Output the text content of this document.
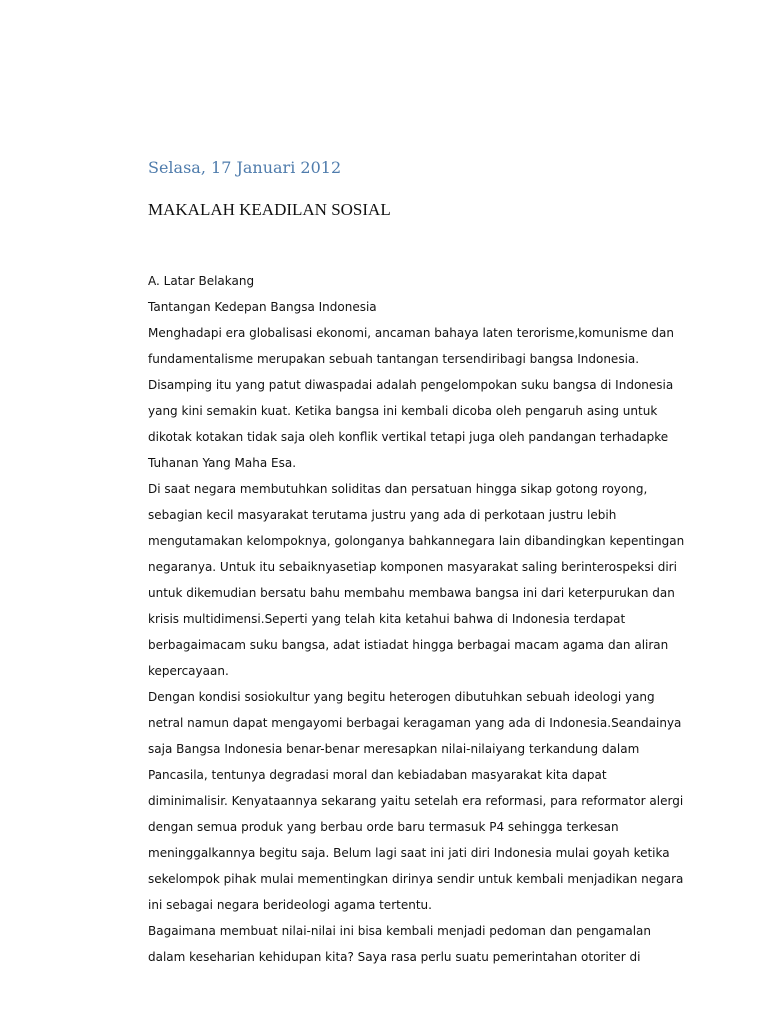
Selasa, 17 Januari 2012
MAKALAH KEADILAN SOSIAL
A. Latar Belakang
Tantangan Kedepan Bangsa Indonesia
Menghadapi era globalisasi ekonomi, ancaman bahaya laten terorisme,komunisme dan
fundamentalisme merupakan sebuah tantangan tersendiribagi bangsa Indonesia.
Disamping itu yang patut diwaspadai adalah pengelompokan suku bangsa di Indonesia
yang kini semakin kuat. Ketika bangsa ini kembali dicoba oleh pengaruh asing untuk
dikotak kotakan tidak saja oleh konflik vertikal tetapi juga oleh pandangan terhadapke
Tuhanan Yang Maha Esa.
Di saat negara membutuhkan soliditas dan persatuan hingga sikap gotong royong,
sebagian kecil masyarakat terutama justru yang ada di perkotaan justru lebih
mengutamakan kelompoknya, golonganya bahkannegara lain dibandingkan kepentingan
negaranya. Untuk itu sebaiknyasetiap komponen masyarakat saling berinterospeksi diri
untuk dikemudian bersatu bahu membahu membawa bangsa ini dari keterpurukan dan
krisis multidimensi.Seperti yang telah kita ketahui bahwa di Indonesia terdapat
berbagaimacam suku bangsa, adat istiadat hingga berbagai macam agama dan aliran
kepercayaan.
Dengan kondisi sosiokultur yang begitu heterogen dibutuhkan sebuah ideologi yang
netral namun dapat mengayomi berbagai keragaman yang ada di Indonesia.Seandainya
saja Bangsa Indonesia benar-benar meresapkan nilai-nilaiyang terkandung dalam
Pancasila, tentunya degradasi moral dan kebiadaban masyarakat kita dapat
diminimalisir. Kenyataannya sekarang yaitu setelah era reformasi, para reformator alergi
dengan semua produk yang berbau orde baru termasuk P4 sehingga terkesan
meninggalkannya begitu saja. Belum lagi saat ini jati diri Indonesia mulai goyah ketika
sekelompok pihak mulai mementingkan dirinya sendir untuk kembali menjadikan negara
ini sebagai negara berideologi agama tertentu.
Bagaimana membuat nilai-nilai ini bisa kembali menjadi pedoman dan pengamalan
dalam keseharian kehidupan kita? Saya rasa perlu suatu pemerintahan otoriter di
